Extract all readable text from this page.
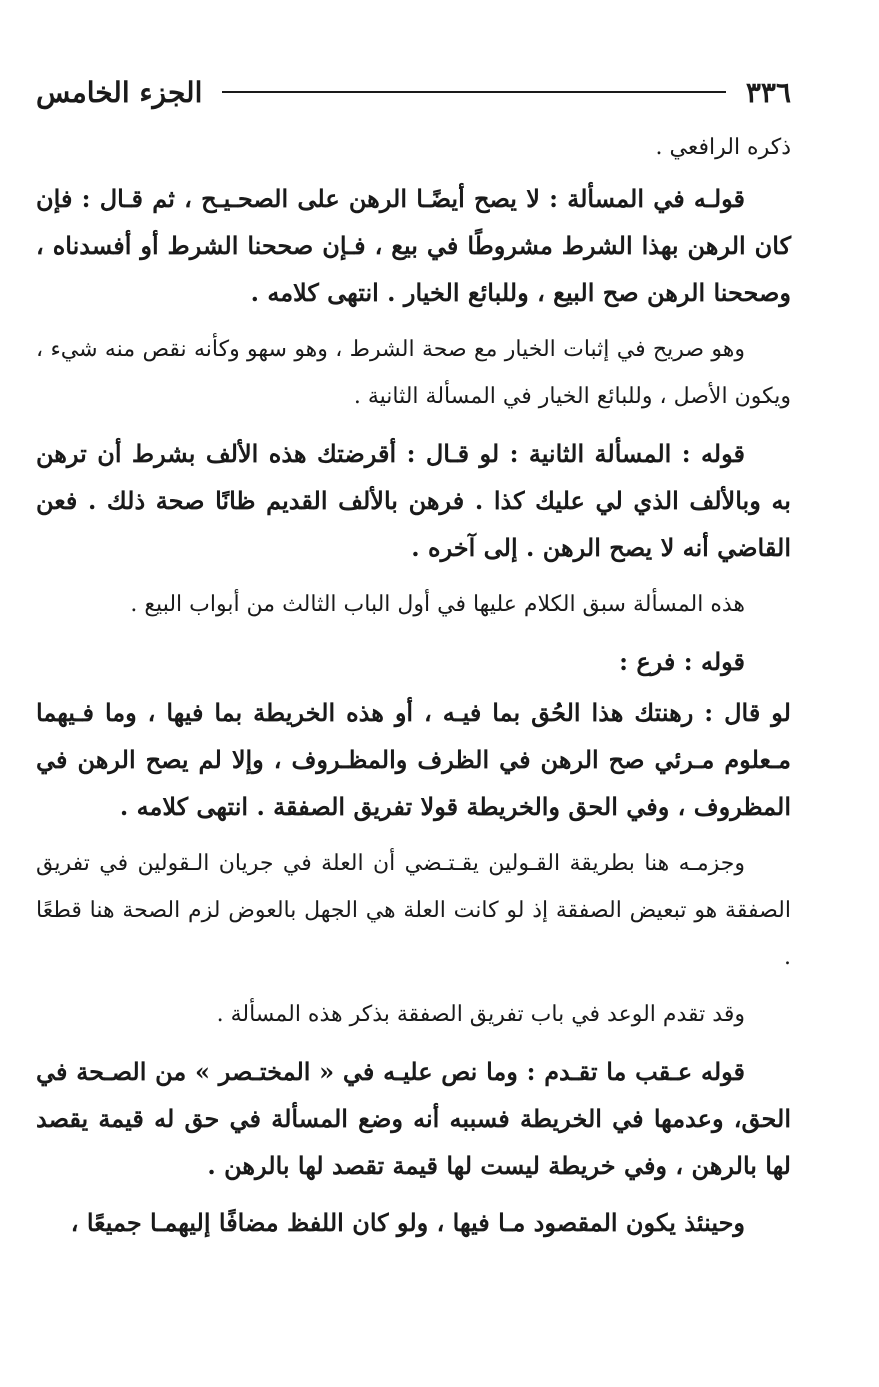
٣٣٦
الجزء الخامس

ذكره الرافعي .

قولـه في المسألة : لا يصح أيضًـا الرهن على الصحـيـح ، ثم قـال : فإن كان الرهن بهذا الشرط مشروطًا في بيع ، فـإن صححنا الشرط أو أفسدناه ، وصححنا الرهن صح البيع ، وللبائع الخيار . انتهى كلامه .

وهو صريح في إثبات الخيار مع صحة الشرط ، وهو سهو وكأنه نقص منه شيء ، ويكون الأصل ، وللبائع الخيار في المسألة الثانية .

قوله : المسألة الثانية : لو قـال : أقرضتك هذه الألف بشرط أن ترهن به وبالألف الذي لي عليك كذا . فرهن بالألف القديم ظانًا صحة ذلك . فعن القاضي أنه لا يصح الرهن . إلى آخره .

هذه المسألة سبق الكلام عليها في أول الباب الثالث من أبواب البيع .

قوله : فرع :

لو قال : رهنتك هذا الحُق بما فيـه ، أو هذه الخريطة بما فيها ، وما فـيهما مـعلوم مـرئي صح الرهن في الظرف والمظـروف ، وإلا لم يصح الرهن في المظروف ، وفي الحق والخريطة قولا تفريق الصفقة . انتهى كلامه .

وجزمـه هنا بطريقة القـولين يقـتـضي أن العلة في جريان الـقولين في تفريق الصفقة هو تبعيض الصفقة إذ لو كانت العلة هي الجهل بالعوض لزم الصحة هنا قطعًا .

وقد تقدم الوعد في باب تفريق الصفقة بذكر هذه المسألة .

قوله عـقب ما تقـدم : وما نص عليـه في « المختـصر » من الصـحة في الحق، وعدمها في الخريطة فسببه أنه وضع المسألة في حق له قيمة يقصد لها بالرهن ، وفي خريطة ليست لها قيمة تقصد لها بالرهن .

وحينئذ يكون المقصود مـا فيها ، ولو كان اللفظ مضافًا إليهمـا جميعًا ،
